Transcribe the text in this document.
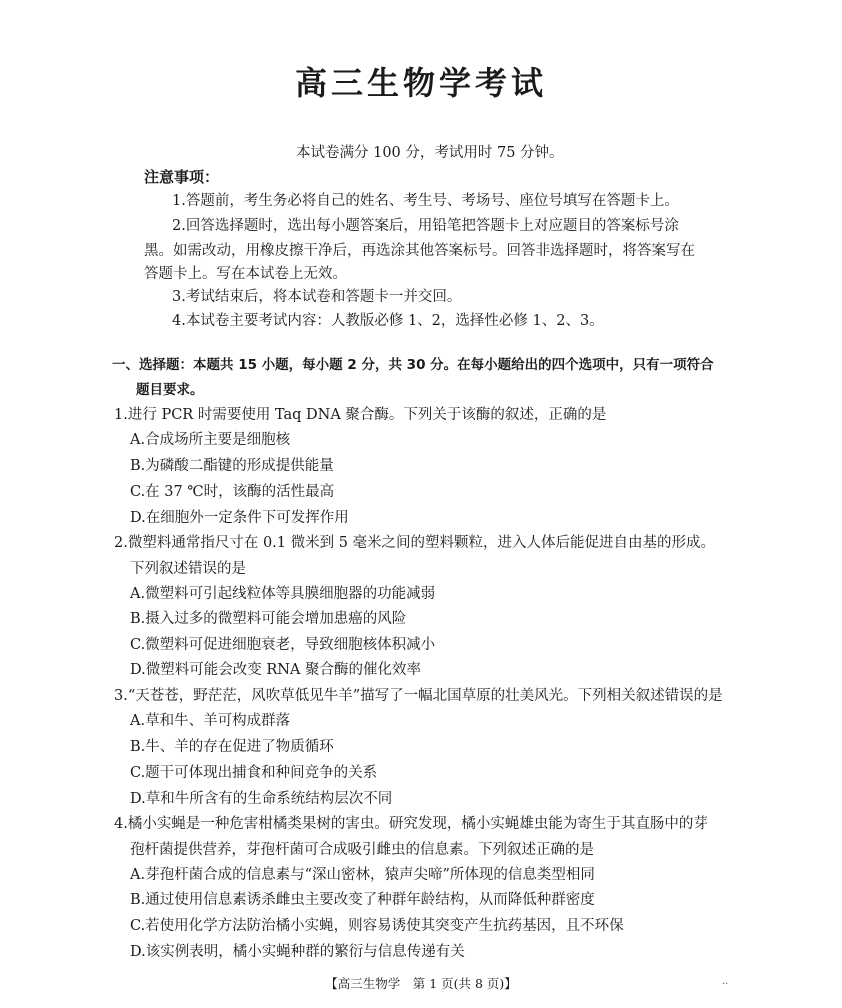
高三生物学考试
本试卷满分 100 分，考试用时 75 分钟。
注意事项：
1.答题前，考生务必将自己的姓名、考生号、考场号、座位号填写在答题卡上。
2.回答选择题时，选出每小题答案后，用铅笔把答题卡上对应题目的答案标号涂
黑。如需改动，用橡皮擦干净后，再选涂其他答案标号。回答非选择题时，将答案写在
答题卡上。写在本试卷上无效。
3.考试结束后，将本试卷和答题卡一并交回。
4.本试卷主要考试内容：人教版必修 1、2，选择性必修 1、2、3。
一、选择题：本题共 15 小题，每小题 2 分，共 30 分。在每小题给出的四个选项中，只有一项符合
题目要求。
1.进行 PCR 时需要使用 Taq DNA 聚合酶。下列关于该酶的叙述，正确的是
A.合成场所主要是细胞核
B.为磷酸二酯键的形成提供能量
C.在 37 ℃时，该酶的活性最高
D.在细胞外一定条件下可发挥作用
2.微塑料通常指尺寸在 0.1 微米到 5 毫米之间的塑料颗粒，进入人体后能促进自由基的形成。
下列叙述错误的是
A.微塑料可引起线粒体等具膜细胞器的功能减弱
B.摄入过多的微塑料可能会增加患癌的风险
C.微塑料可促进细胞衰老，导致细胞核体积减小
D.微塑料可能会改变 RNA 聚合酶的催化效率
3.“天苍苍，野茫茫，风吹草低见牛羊”描写了一幅北国草原的壮美风光。下列相关叙述错误的是
A.草和牛、羊可构成群落
B.牛、羊的存在促进了物质循环
C.题干可体现出捕食和种间竞争的关系
D.草和牛所含有的生命系统结构层次不同
4.橘小实蝇是一种危害柑橘类果树的害虫。研究发现，橘小实蝇雄虫能为寄生于其直肠中的芽
孢杆菌提供营养，芽孢杆菌可合成吸引雌虫的信息素。下列叙述正确的是
A.芽孢杆菌合成的信息素与“深山密林，猿声尖啼”所体现的信息类型相同
B.通过使用信息素诱杀雌虫主要改变了种群年龄结构，从而降低种群密度
C.若使用化学方法防治橘小实蝇，则容易诱使其突变产生抗药基因，且不环保
D.该实例表明，橘小实蝇种群的繁衍与信息传递有关
【高三生物学　第 1 页(共 8 页)】	..
